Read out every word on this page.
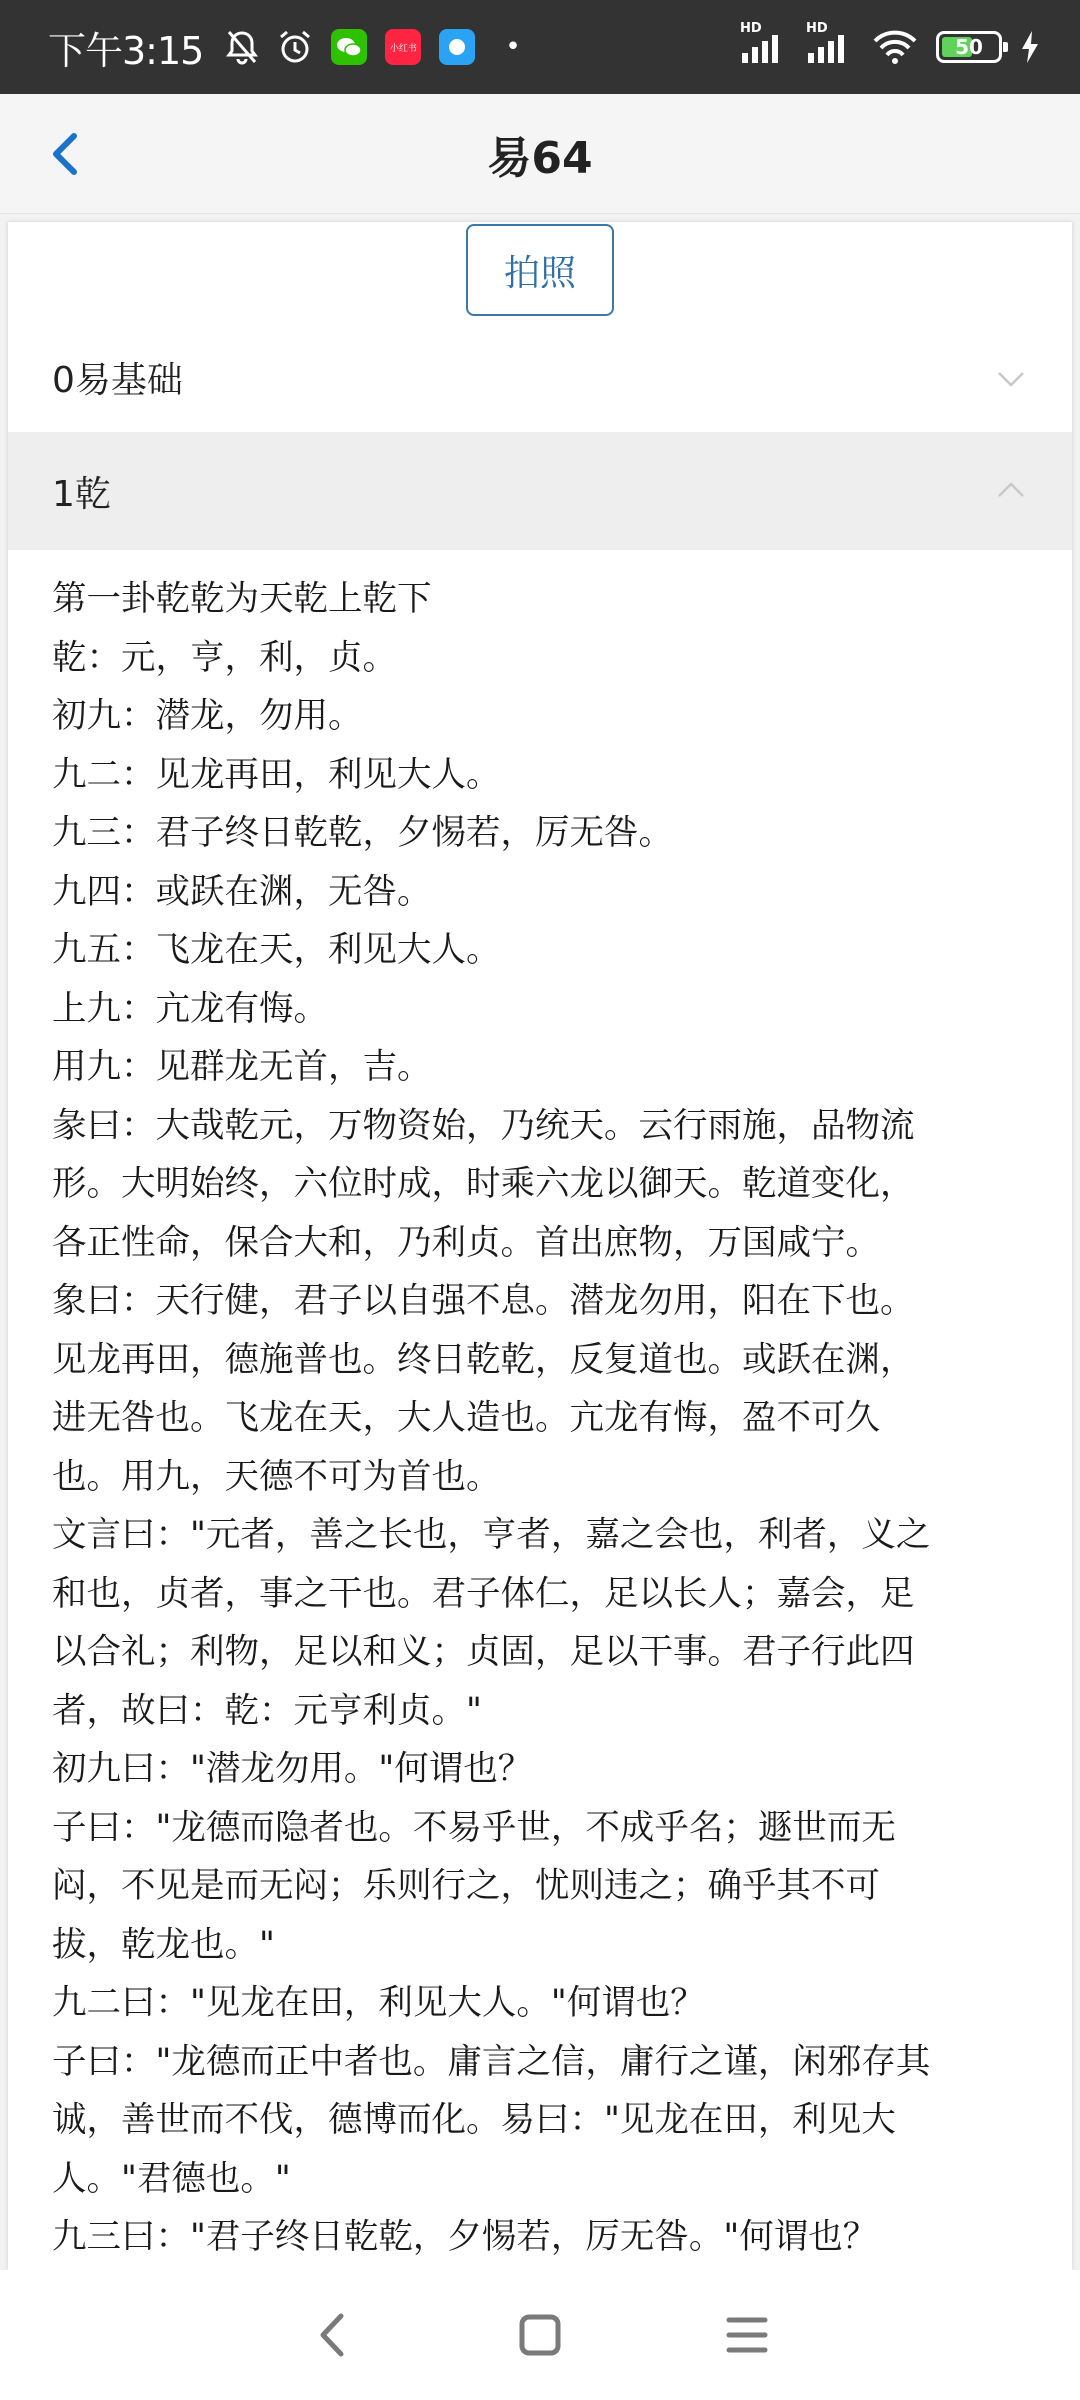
下午3:15	小红书	•
HD	HD
50
易64
拍照
0易基础
1乾
第一卦乾乾为天乾上乾下
乾：元，亨，利，贞。
初九：潜龙，勿用。
九二：见龙再田，利见大人。
九三：君子终日乾乾，夕惕若，厉无咎。
九四：或跃在渊，无咎。
九五：飞龙在天，利见大人。
上九：亢龙有悔。
用九：见群龙无首，吉。
彖曰：大哉乾元，万物资始，乃统天。云行雨施，品物流
形。大明始终，六位时成，时乘六龙以御天。乾道变化，
各正性命，保合大和，乃利贞。首出庶物，万国咸宁。
象曰：天行健，君子以自强不息。潜龙勿用，阳在下也。
见龙再田，德施普也。终日乾乾，反复道也。或跃在渊，
进无咎也。飞龙在天，大人造也。亢龙有悔，盈不可久
也。用九，天德不可为首也。
文言曰："元者，善之长也，亨者，嘉之会也，利者，义之
和也，贞者，事之干也。君子体仁，足以长人；嘉会，足
以合礼；利物，足以和义；贞固，足以干事。君子行此四
者，故曰：乾：元亨利贞。"
初九曰："潜龙勿用。"何谓也？
子曰："龙德而隐者也。不易乎世，不成乎名；遯世而无
闷，不见是而无闷；乐则行之，忧则违之；确乎其不可
拔，乾龙也。"
九二曰："见龙在田，利见大人。"何谓也？
子曰："龙德而正中者也。庸言之信，庸行之谨，闲邪存其
诚，善世而不伐，德博而化。易曰："见龙在田，利见大
人。"君德也。"
九三曰："君子终日乾乾，夕惕若，厉无咎。"何谓也？
